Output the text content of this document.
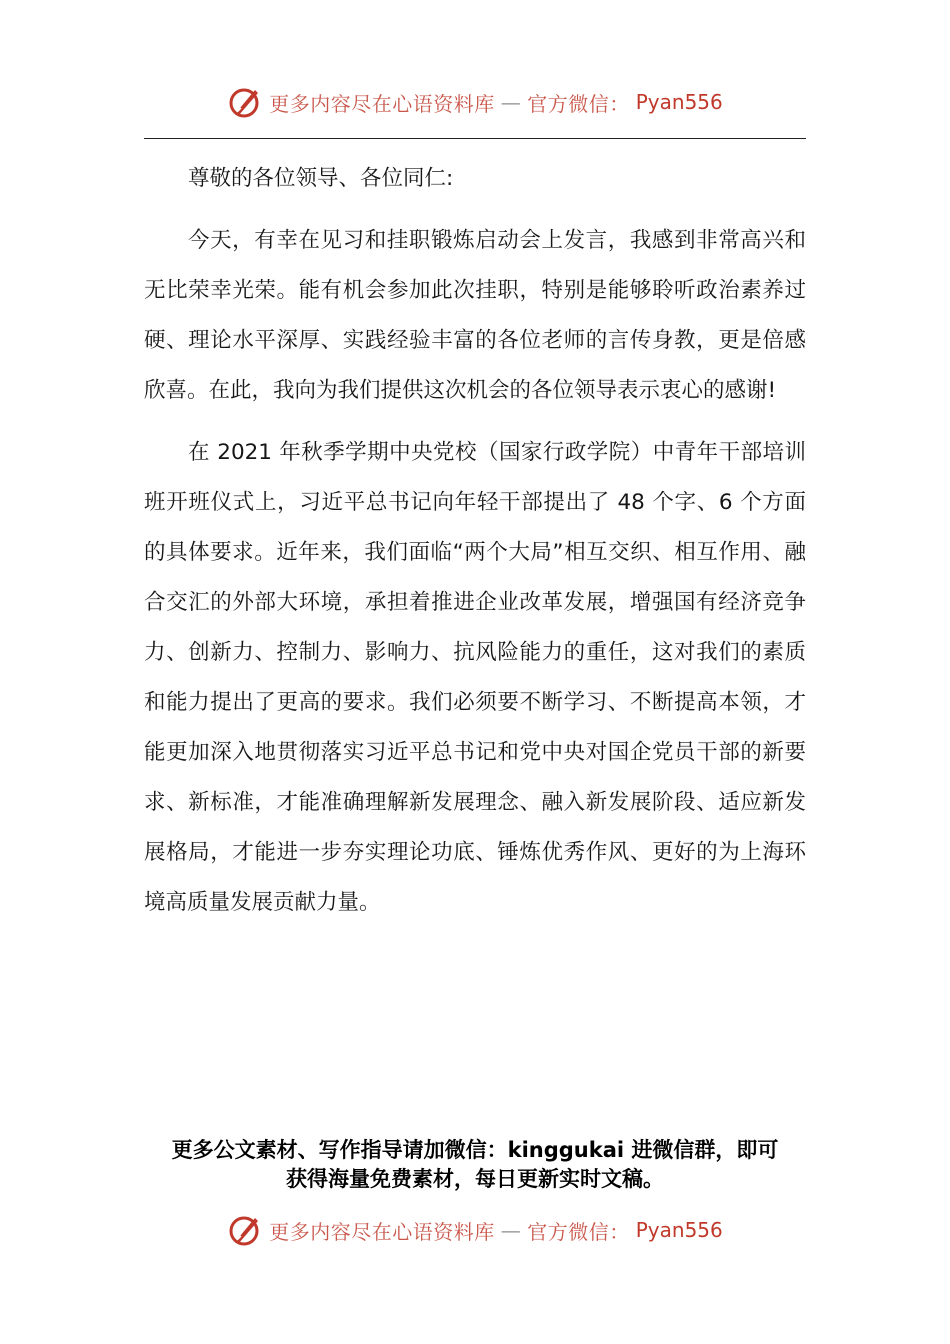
更多内容尽在心语资料库 — 官方微信： Pyan556

尊敬的各位领导、各位同仁:

今天，有幸在见习和挂职锻炼启动会上发言，我感到非常高兴和无比荣幸光荣。能有机会参加此次挂职，特别是能够聆听政治素养过硬、理论水平深厚、实践经验丰富的各位老师的言传身教，更是倍感欣喜。在此，我向为我们提供这次机会的各位领导表示衷心的感谢!

在 2021 年秋季学期中央党校（国家行政学院）中青年干部培训班开班仪式上，习近平总书记向年轻干部提出了 48 个字、6 个方面的具体要求。近年来，我们面临“两个大局”相互交织、相互作用、融合交汇的外部大环境，承担着推进企业改革发展，增强国有经济竞争力、创新力、控制力、影响力、抗风险能力的重任，这对我们的素质和能力提出了更高的要求。我们必须要不断学习、不断提高本领，才能更加深入地贯彻落实习近平总书记和党中央对国企党员干部的新要求、新标准，才能准确理解新发展理念、融入新发展阶段、适应新发展格局，才能进一步夯实理论功底、锤炼优秀作风、更好的为上海环境高质量发展贡献力量。

更多公文素材、写作指导请加微信：kinggukai 进微信群，即可
获得海量免费素材，每日更新实时文稿。
更多内容尽在心语资料库 — 官方微信： Pyan556
